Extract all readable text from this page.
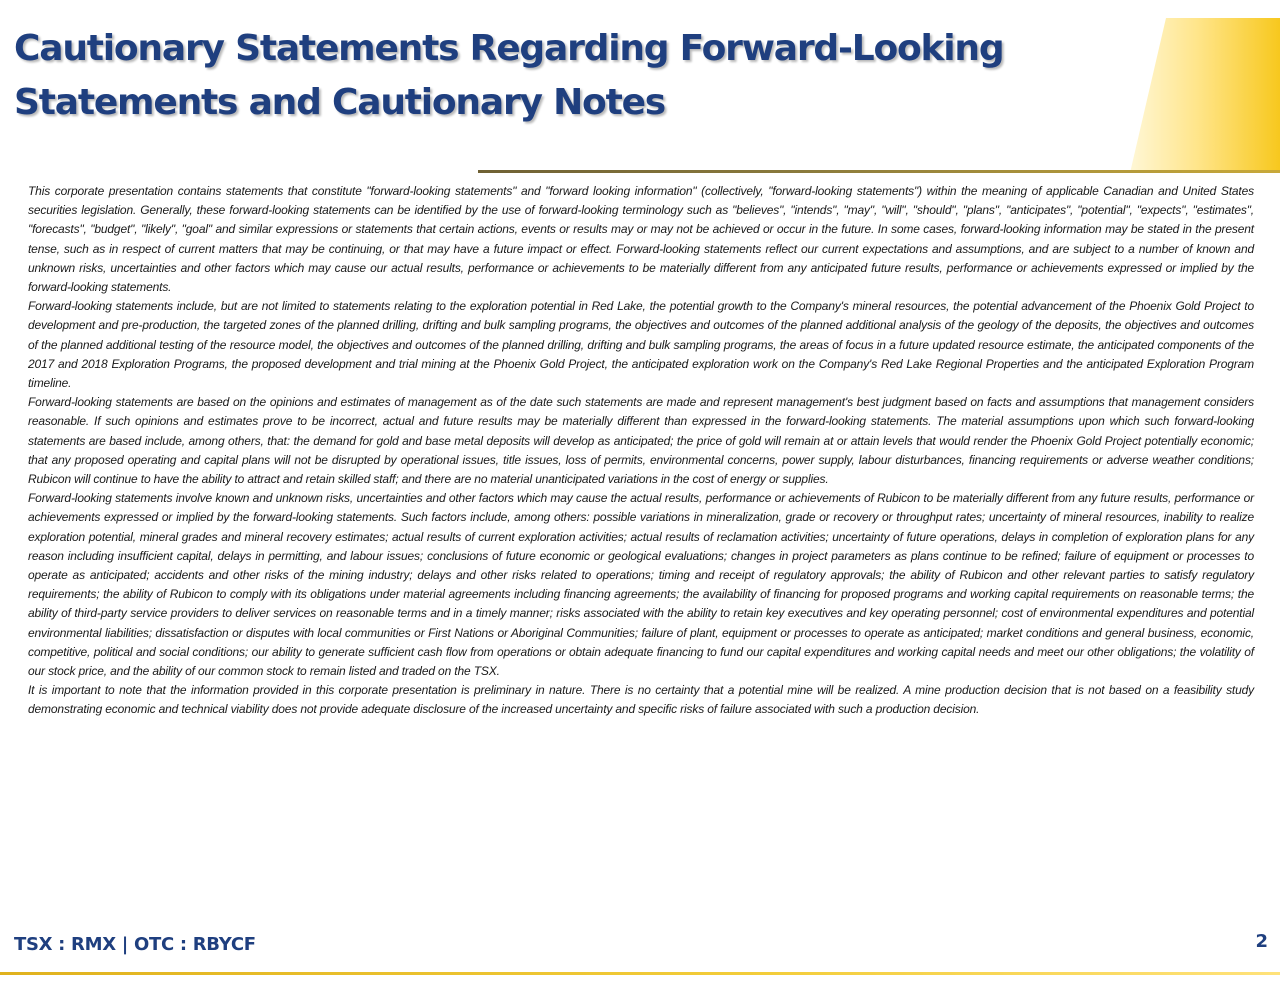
Cautionary Statements Regarding Forward-Looking
Statements and Cautionary Notes

This corporate presentation contains statements that constitute "forward-looking statements" and "forward looking information" (collectively, "forward-looking statements") within the meaning of applicable Canadian and United States securities legislation. Generally, these forward-looking statements can be identified by the use of forward-looking terminology such as "believes", "intends", "may", "will", "should", "plans", "anticipates", "potential", "expects", "estimates", "forecasts", "budget", "likely", "goal" and similar expressions or statements that certain actions, events or results may or may not be achieved or occur in the future. In some cases, forward-looking information may be stated in the present tense, such as in respect of current matters that may be continuing, or that may have a future impact or effect. Forward-looking statements reflect our current expectations and assumptions, and are subject to a number of known and unknown risks, uncertainties and other factors which may cause our actual results, performance or achievements to be materially different from any anticipated future results, performance or achievements expressed or implied by the forward-looking statements.

Forward-looking statements include, but are not limited to statements relating to the exploration potential in Red Lake, the potential growth to the Company's mineral resources, the potential advancement of the Phoenix Gold Project to development and pre-production, the targeted zones of the planned drilling, drifting and bulk sampling programs, the objectives and outcomes of the planned additional analysis of the geology of the deposits, the objectives and outcomes of the planned additional testing of the resource model, the objectives and outcomes of the planned drilling, drifting and bulk sampling programs, the areas of focus in a future updated resource estimate, the anticipated components of the 2017 and 2018 Exploration Programs, the proposed development and trial mining at the Phoenix Gold Project, the anticipated exploration work on the Company's Red Lake Regional Properties and the anticipated Exploration Program timeline.

Forward-looking statements are based on the opinions and estimates of management as of the date such statements are made and represent management's best judgment based on facts and assumptions that management considers reasonable. If such opinions and estimates prove to be incorrect, actual and future results may be materially different than expressed in the forward-looking statements. The material assumptions upon which such forward-looking statements are based include, among others, that: the demand for gold and base metal deposits will develop as anticipated; the price of gold will remain at or attain levels that would render the Phoenix Gold Project potentially economic; that any proposed operating and capital plans will not be disrupted by operational issues, title issues, loss of permits, environmental concerns, power supply, labour disturbances, financing requirements or adverse weather conditions; Rubicon will continue to have the ability to attract and retain skilled staff; and there are no material unanticipated variations in the cost of energy or supplies.

Forward-looking statements involve known and unknown risks, uncertainties and other factors which may cause the actual results, performance or achievements of Rubicon to be materially different from any future results, performance or achievements expressed or implied by the forward-looking statements. Such factors include, among others: possible variations in mineralization, grade or recovery or throughput rates; uncertainty of mineral resources, inability to realize exploration potential, mineral grades and mineral recovery estimates; actual results of current exploration activities; actual results of reclamation activities; uncertainty of future operations, delays in completion of exploration plans for any reason including insufficient capital, delays in permitting, and labour issues; conclusions of future economic or geological evaluations; changes in project parameters as plans continue to be refined; failure of equipment or processes to operate as anticipated; accidents and other risks of the mining industry; delays and other risks related to operations; timing and receipt of regulatory approvals; the ability of Rubicon and other relevant parties to satisfy regulatory requirements; the ability of Rubicon to comply with its obligations under material agreements including financing agreements; the availability of financing for proposed programs and working capital requirements on reasonable terms; the ability of third-party service providers to deliver services on reasonable terms and in a timely manner; risks associated with the ability to retain key executives and key operating personnel; cost of environmental expenditures and potential environmental liabilities; dissatisfaction or disputes with local communities or First Nations or Aboriginal Communities; failure of plant, equipment or processes to operate as anticipated; market conditions and general business, economic, competitive, political and social conditions; our ability to generate sufficient cash flow from operations or obtain adequate financing to fund our capital expenditures and working capital needs and meet our other obligations; the volatility of our stock price, and the ability of our common stock to remain listed and traded on the TSX.

It is important to note that the information provided in this corporate presentation is preliminary in nature. There is no certainty that a potential mine will be realized. A mine production decision that is not based on a feasibility study demonstrating economic and technical viability does not provide adequate disclosure of the increased uncertainty and specific risks of failure associated with such a production decision.

TSX : RMX | OTC : RBYCF	2
